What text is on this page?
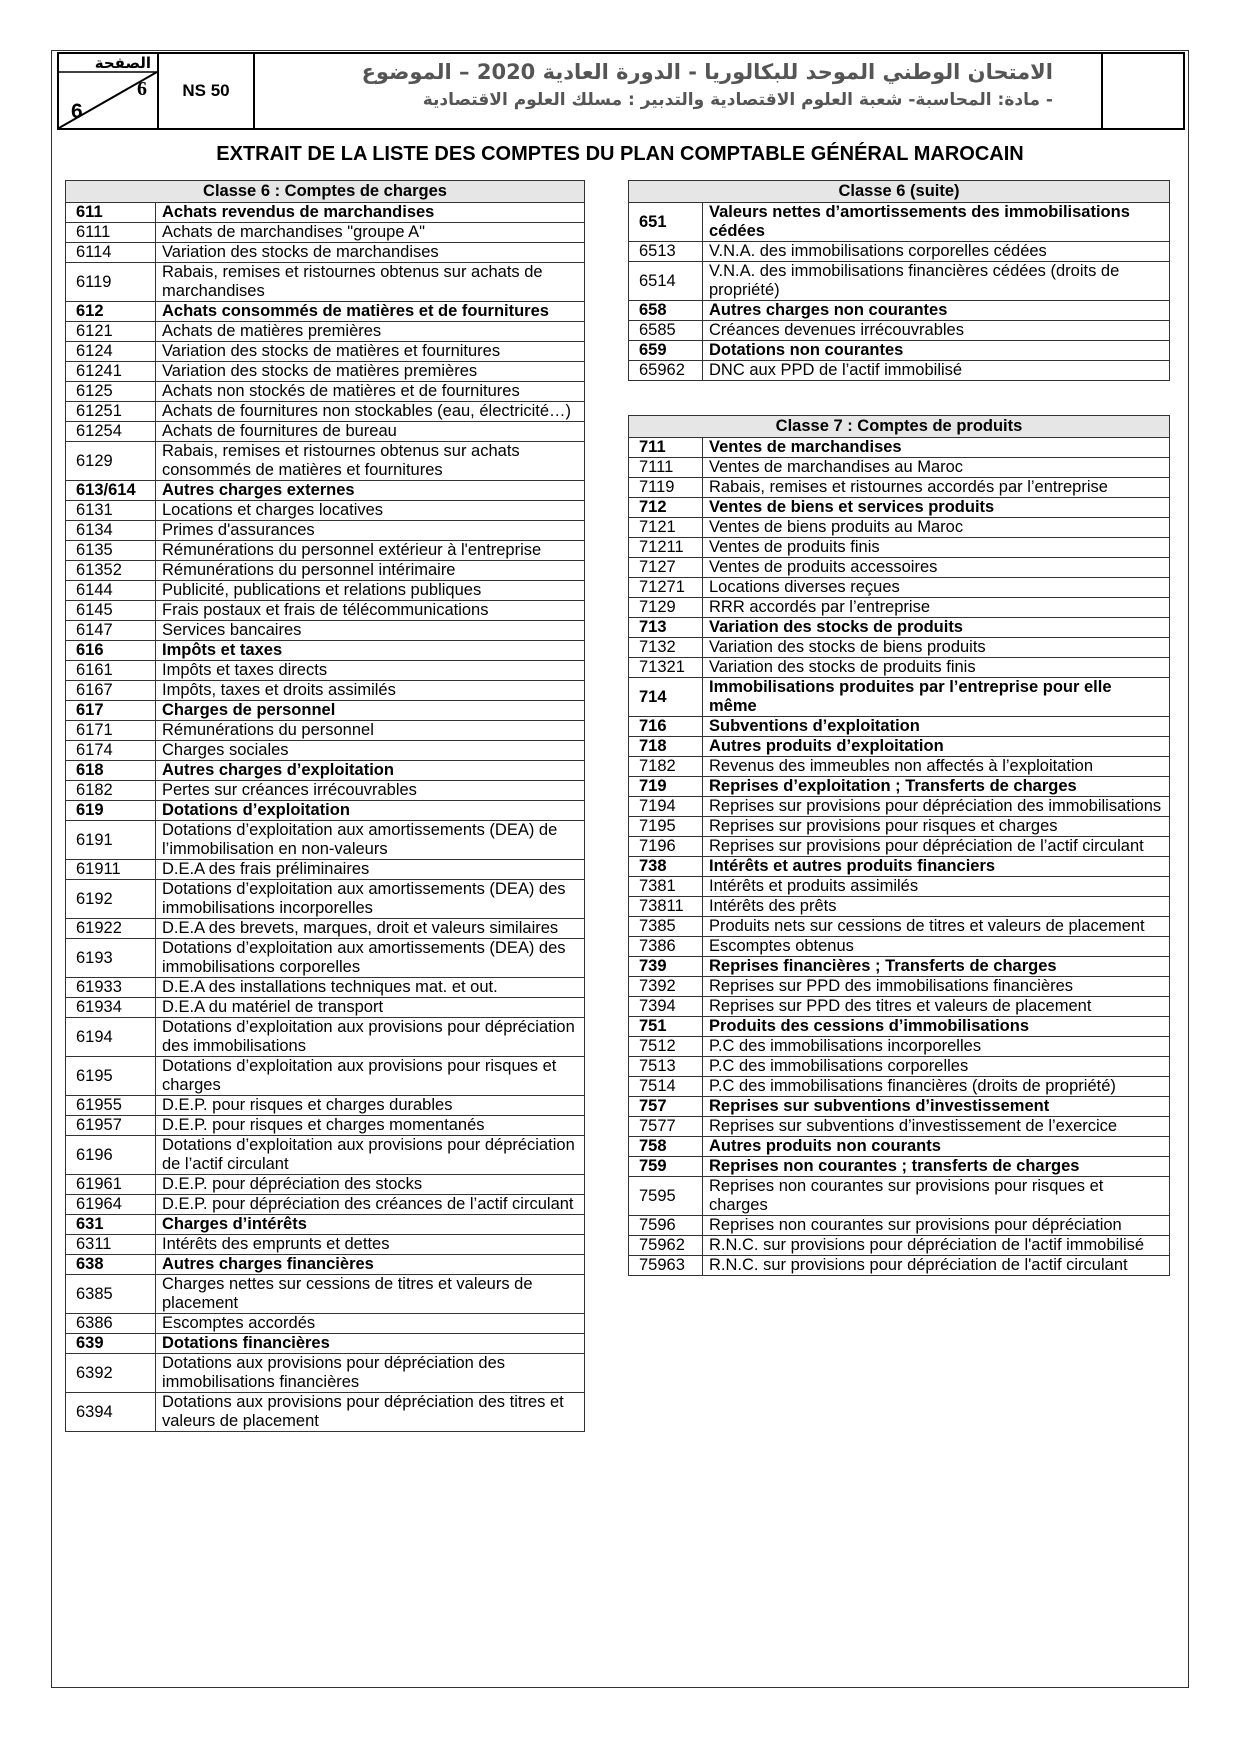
الصفحة
6
6
NS 50
الامتحان الوطني الموحد للبكالوريا - الدورة العادية 2020 – الموضوع
- مادة: المحاسبة- شعبة العلوم الاقتصادية والتدبير : مسلك العلوم الاقتصادية
EXTRAIT DE LA LISTE DES COMPTES DU PLAN COMPTABLE GÉNÉRAL MAROCAIN
Classe 6 : Comptes de charges	
611	Achats revendus de marchandises
6111	Achats de marchandises "groupe A"
6114	Variation des stocks de marchandises
6119	Rabais, remises et ristournes obtenus sur achats de marchandises
612	Achats consommés de matières et de fournitures
6121	Achats de matières premières
6124	Variation des stocks de matières et fournitures
61241	Variation des stocks de matières premières
6125	Achats non stockés de matières et de fournitures
61251	Achats de fournitures non stockables (eau, électricité…)
61254	Achats de fournitures de bureau
6129	Rabais, remises et ristournes obtenus sur achats consommés de matières et fournitures
613/614	Autres charges externes
6131	Locations et charges locatives
6134	Primes d'assurances
6135	Rémunérations du personnel extérieur à l'entreprise
61352	Rémunérations du personnel intérimaire
6144	Publicité, publications et relations publiques
6145	Frais postaux et frais de télécommunications
6147	Services bancaires
616	Impôts et taxes
6161	Impôts et taxes directs
6167	Impôts, taxes et droits assimilés
617	Charges de personnel
6171	Rémunérations du personnel
6174	Charges sociales
618	Autres charges d’exploitation
6182	Pertes sur créances irrécouvrables
619	Dotations d’exploitation
6191	Dotations d’exploitation aux amortissements (DEA) de l’immobilisation en non-valeurs
61911	D.E.A des frais préliminaires
6192	Dotations d’exploitation aux amortissements (DEA) des immobilisations incorporelles
61922	D.E.A des brevets, marques, droit et valeurs similaires
6193	Dotations d’exploitation aux amortissements (DEA) des immobilisations corporelles
61933	D.E.A des installations techniques mat. et out.
61934	D.E.A du matériel de transport
6194	Dotations d’exploitation aux provisions pour dépréciation des immobilisations
6195	Dotations d’exploitation aux provisions pour risques et charges
61955	D.E.P. pour risques et charges durables
61957	D.E.P. pour risques et charges momentanés
6196	Dotations d’exploitation aux provisions pour dépréciation de l’actif circulant
61961	D.E.P. pour dépréciation des stocks
61964	D.E.P. pour dépréciation des créances de l’actif circulant
631	Charges d’intérêts
6311	Intérêts des emprunts et dettes
638	Autres charges financières
6385	Charges nettes sur cessions de titres et valeurs de placement
6386	Escomptes accordés
639	Dotations financières
6392	Dotations aux provisions pour dépréciation des immobilisations financières
6394	Dotations aux provisions pour dépréciation des titres et valeurs de placement
Classe 6 (suite)	
651	Valeurs nettes d’amortissements des immobilisations cédées
6513	V.N.A. des immobilisations corporelles cédées
6514	V.N.A. des immobilisations financières cédées (droits de propriété)
658	Autres charges non courantes
6585	Créances devenues irrécouvrables
659	Dotations non courantes
65962	DNC aux PPD de l’actif immobilisé
Classe 7 : Comptes de produits	
711	Ventes de marchandises
7111	Ventes de marchandises au Maroc
7119	Rabais, remises et ristournes accordés par l’entreprise
712	Ventes de biens et services produits
7121	Ventes de biens produits au Maroc
71211	Ventes de produits finis
7127	Ventes de produits accessoires
71271	Locations diverses reçues
7129	RRR accordés par l’entreprise
713	Variation des stocks de produits
7132	Variation des stocks de biens produits
71321	Variation des stocks de produits finis
714	Immobilisations produites par l’entreprise pour elle même
716	Subventions d’exploitation
718	Autres produits d’exploitation
7182	Revenus des immeubles non affectés à l’exploitation
719	Reprises d’exploitation ; Transferts de charges
7194	Reprises sur provisions pour dépréciation des immobilisations
7195	Reprises sur provisions pour risques et charges
7196	Reprises sur provisions pour dépréciation de l’actif circulant
738	Intérêts et autres produits financiers
7381	Intérêts et produits assimilés
73811	Intérêts des prêts
7385	Produits nets sur cessions de titres et valeurs de placement
7386	Escomptes obtenus
739	Reprises financières ; Transferts de charges
7392	Reprises sur PPD des immobilisations financières
7394	Reprises sur PPD des titres et valeurs de placement
751	Produits des cessions d’immobilisations
7512	P.C des immobilisations incorporelles
7513	P.C des immobilisations corporelles
7514	P.C des immobilisations financières (droits de propriété)
757	Reprises sur subventions d’investissement
7577	Reprises sur subventions d’investissement de l’exercice
758	Autres produits non courants
759	Reprises non courantes ; transferts de charges
7595	Reprises non courantes sur provisions pour risques et charges
7596	Reprises non courantes sur provisions pour dépréciation
75962	R.N.C. sur provisions pour dépréciation de l'actif immobilisé
75963	R.N.C. sur provisions pour dépréciation de l'actif circulant
